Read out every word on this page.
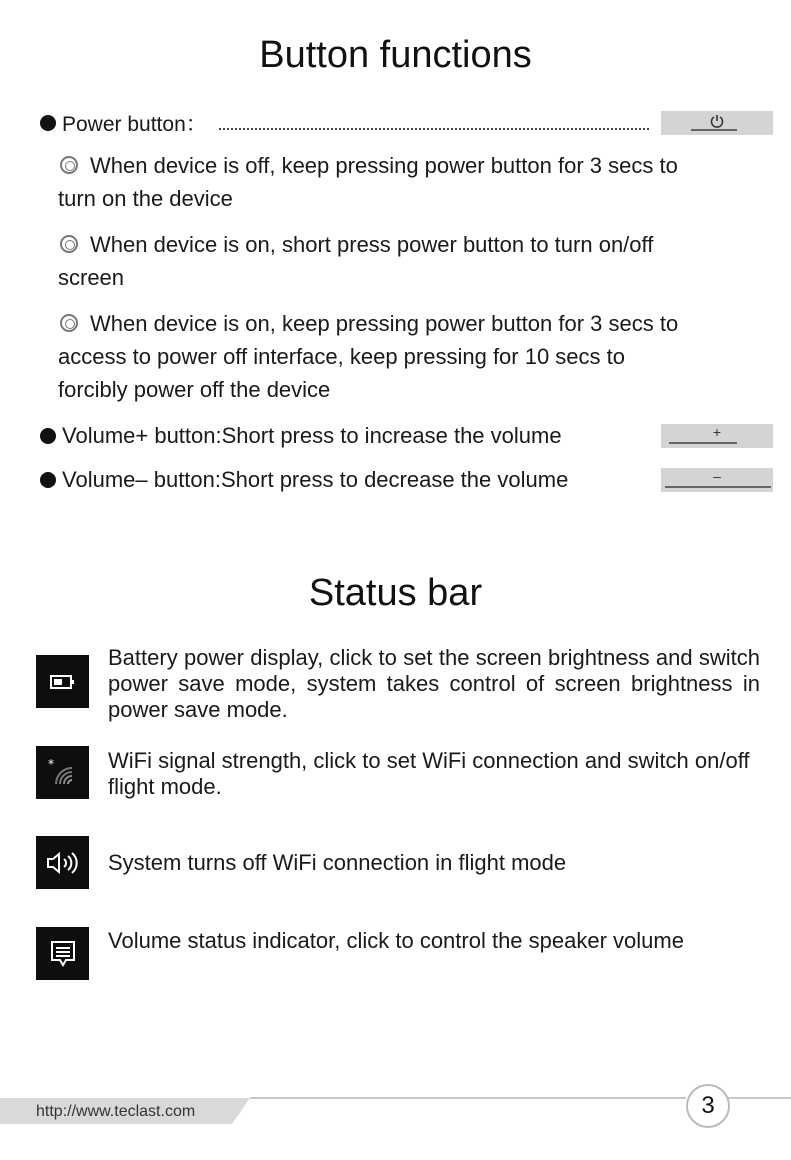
Button functions
Power button：
When device is off, keep pressing power button for 3 secs to turn on the device
When device is on, short press power button to turn on/off screen
When device is on, keep pressing power button for 3 secs to access to power off interface, keep pressing for 10 secs to forcibly power off the device
Volume+ button:Short press to increase the volume	+
Volume– button:Short press to decrease the volume	–
Status bar
Battery power display, click to set the screen brightness and switch power save mode, system takes control of screen brightness in power save mode.
* WiFi signal strength, click to set WiFi connection and switch on/off flight mode.
System turns off WiFi connection in flight mode
Volume status indicator, click to control the speaker volume
http://www.teclast.com	3
